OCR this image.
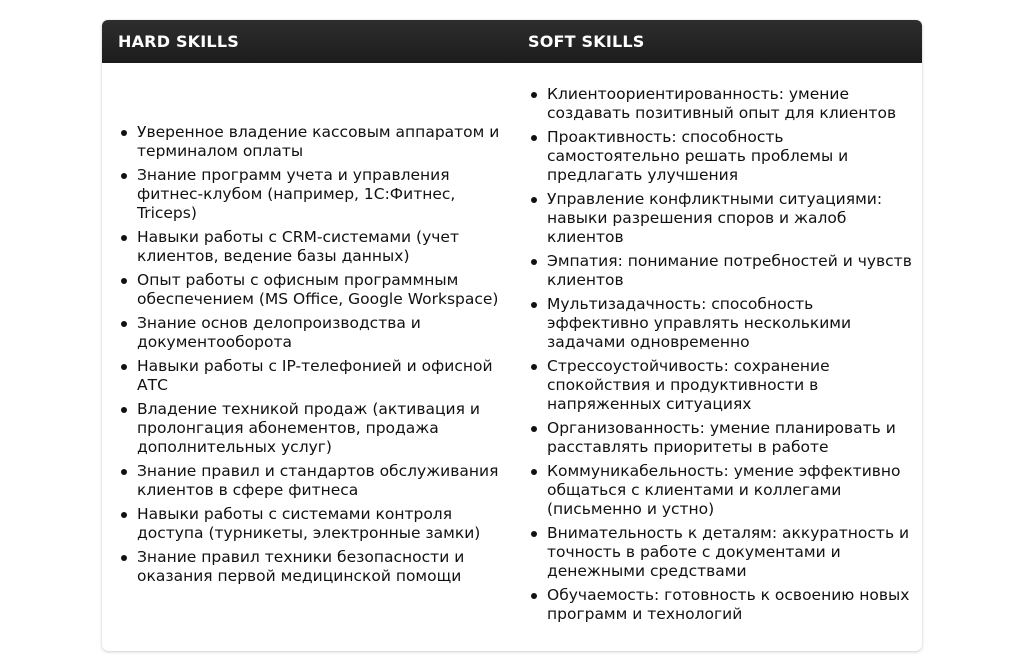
HARD SKILLS	SOFT SKILLS
Уверенное владение кассовым аппаратом и терминалом оплаты
Знание программ учета и управления фитнес-клубом (например, 1С:Фитнес, Triceps)
Навыки работы с CRM-системами (учет клиентов, ведение базы данных)
Опыт работы с офисным программным обеспечением (MS Office, Google Workspace)
Знание основ делопроизводства и документооборота
Навыки работы с IP-телефонией и офисной АТС
Владение техникой продаж (активация и пролонгация абонементов, продажа дополнительных услуг)
Знание правил и стандартов обслуживания клиентов в сфере фитнеса
Навыки работы с системами контроля доступа (турникеты, электронные замки)
Знание правил техники безопасности и оказания первой медицинской помощи
Клиентоориентированность: умение создавать позитивный опыт для клиентов
Проактивность: способность самостоятельно решать проблемы и предлагать улучшения
Управление конфликтными ситуациями: навыки разрешения споров и жалоб клиентов
Эмпатия: понимание потребностей и чувств клиентов
Мультизадачность: способность эффективно управлять несколькими задачами одновременно
Стрессоустойчивость: сохранение спокойствия и продуктивности в напряженных ситуациях
Организованность: умение планировать и расставлять приоритеты в работе
Коммуникабельность: умение эффективно общаться с клиентами и коллегами (письменно и устно)
Внимательность к деталям: аккуратность и точность в работе с документами и денежными средствами
Обучаемость: готовность к освоению новых программ и технологий
